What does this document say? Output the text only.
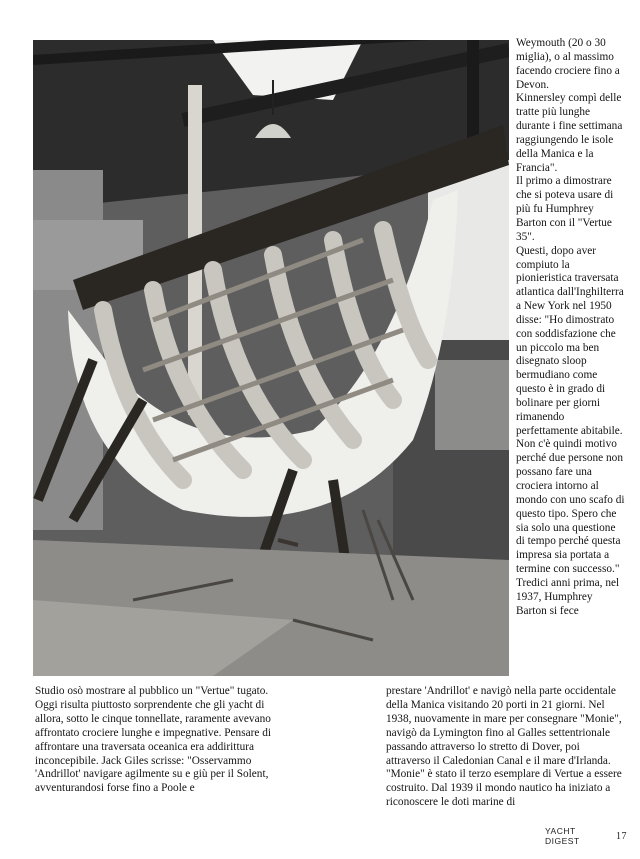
Weymouth (20 o 30 miglia), o al massimo facendo crociere fino a Devon.

Kinnersley compì delle tratte più lunghe durante i fine settimana raggiungendo le isole della Manica e la Francia".

Il primo a dimostrare che si poteva usare di più fu Humphrey Barton con il "Vertue 35".

Questi, dopo aver compiuto la pionieristica traversata atlantica dall'Inghilterra a New York nel 1950 disse: "Ho dimostrato con soddisfazione che un piccolo ma ben disegnato sloop bermudiano come questo è in grado di bolinare per giorni rimanendo perfettamente abitabile.

Non c'è quindi motivo perché due persone non possano fare una crociera intorno al mondo con uno scafo di questo tipo. Spero che sia solo una questione di tempo perché questa impresa sia portata a termine con successo."

Tredici anni prima, nel 1937, Humphrey Barton si fece

Studio osò mostrare al pubblico un "Vertue" tugato.

Oggi risulta piuttosto sorprendente che gli yacht di allora, sotto le cinque tonnellate, raramente avevano affrontato crociere lunghe e impegnative. Pensare di affrontare una traversata oceanica era addirittura inconcepibile. Jack Giles scrisse: "Osservammo 'Andrillot' navigare agilmente su e giù per il Solent, avventurandosi forse fino a Poole e

prestare 'Andrillot' e navigò nella parte occidentale della Manica visitando 20 porti in 21 giorni. Nel 1938, nuovamente in mare per consegnare "Monie", navigò da Lymington fino al Galles settentrionale passando attraverso lo stretto di Dover, poi attraverso il Caledonian Canal e il mare d'Irlanda.

"Monie" è stato il terzo esemplare di Vertue a essere costruito. Dal 1939 il mondo nautico ha iniziato a riconoscere le doti marine di

YACHT DIGEST	17
